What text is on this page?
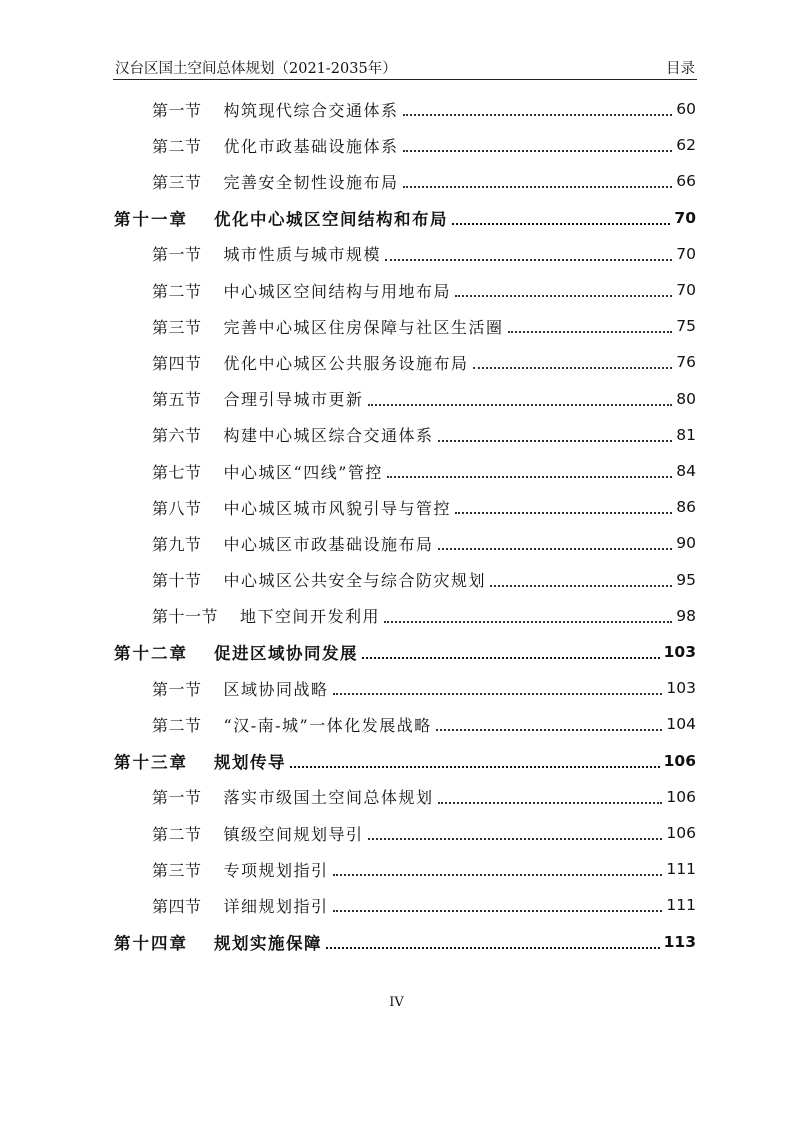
汉台区国土空间总体规划（2021-2035年）	目录
第一节 构筑现代综合交通体系	60
第二节 优化市政基础设施体系	62
第三节 完善安全韧性设施布局	66
第十一章 优化中心城区空间结构和布局	70
第一节 城市性质与城市规模	70
第二节 中心城区空间结构与用地布局	70
第三节 完善中心城区住房保障与社区生活圈	75
第四节 优化中心城区公共服务设施布局	76
第五节 合理引导城市更新	80
第六节 构建中心城区综合交通体系	81
第七节 中心城区“四线”管控	84
第八节 中心城区城市风貌引导与管控	86
第九节 中心城区市政基础设施布局	90
第十节 中心城区公共安全与综合防灾规划	95
第十一节 地下空间开发利用	98
第十二章 促进区域协同发展	103
第一节 区域协同战略	103
第二节 “汉-南-城”一体化发展战略	104
第十三章 规划传导	106
第一节 落实市级国土空间总体规划	106
第二节 镇级空间规划导引	106
第三节 专项规划指引	111
第四节 详细规划指引	111
第十四章 规划实施保障	113
IV
